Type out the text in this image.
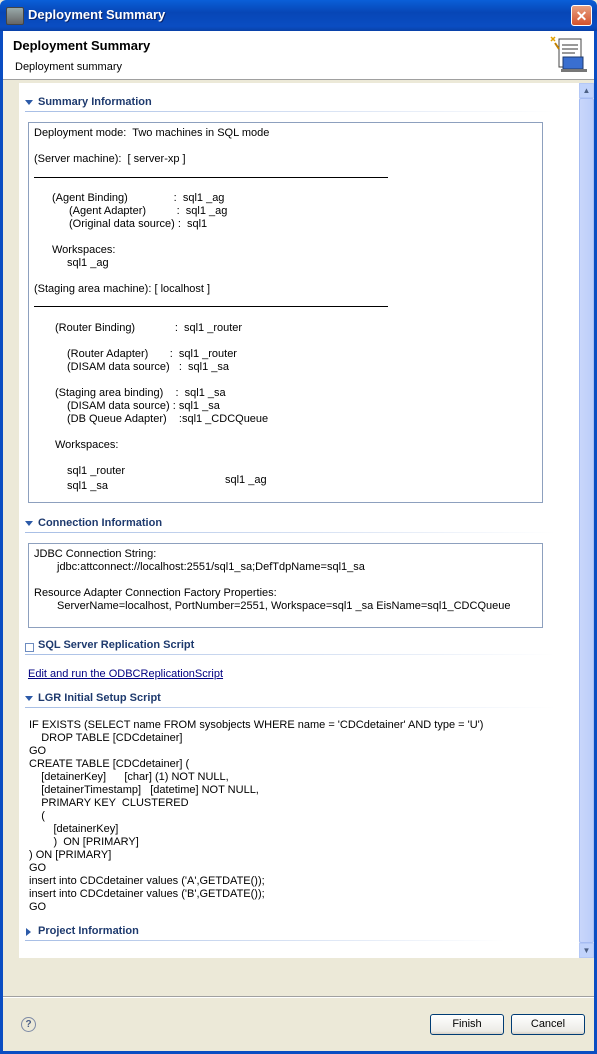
Deployment Summary	✕
Deployment Summary
Deployment summary
Summary Information
Deployment mode:  Two machines in SQL mode
(Server machine):  [ server-xp ]
(Agent Binding)               :  sql1 _ag
(Agent Adapter)          :  sql1 _ag
(Original data source) :  sql1
Workspaces:
sql1 _ag
(Staging area machine): [ localhost ]
(Router Binding)             :  sql1 _router
(Router Adapter)       :  sql1 _router
(DISAM data source)   :  sql1 _sa
(Staging area binding)    :  sql1 _sa
(DISAM data source) : sql1 _sa
(DB Queue Adapter)    :sql1 _CDCQueue
Workspaces:
sql1 _router
sql1 _sa	sql1 _ag
Connection Information
JDBC Connection String:
jdbc:attconnect://localhost:2551/sql1_sa;DefTdpName=sql1_sa
Resource Adapter Connection Factory Properties:
ServerName=localhost, PortNumber=2551, Workspace=sql1 _sa EisName=sql1_CDCQueue
SQL Server Replication Script
Edit and run the ODBCReplicationScript
LGR Initial Setup Script
IF EXISTS (SELECT name FROM sysobjects WHERE name = 'CDCdetainer' AND type = 'U')
DROP TABLE [CDCdetainer]
GO
CREATE TABLE [CDCdetainer] (
[detainerKey]      [char] (1) NOT NULL,
[detainerTimestamp]   [datetime] NOT NULL,
PRIMARY KEY  CLUSTERED
(
[detainerKey]
)  ON [PRIMARY]
) ON [PRIMARY]
GO
insert into CDCdetainer values ('A',GETDATE());
insert into CDCdetainer values ('B',GETDATE());
GO
Project Information
▲
▼
?	Finish	Cancel
